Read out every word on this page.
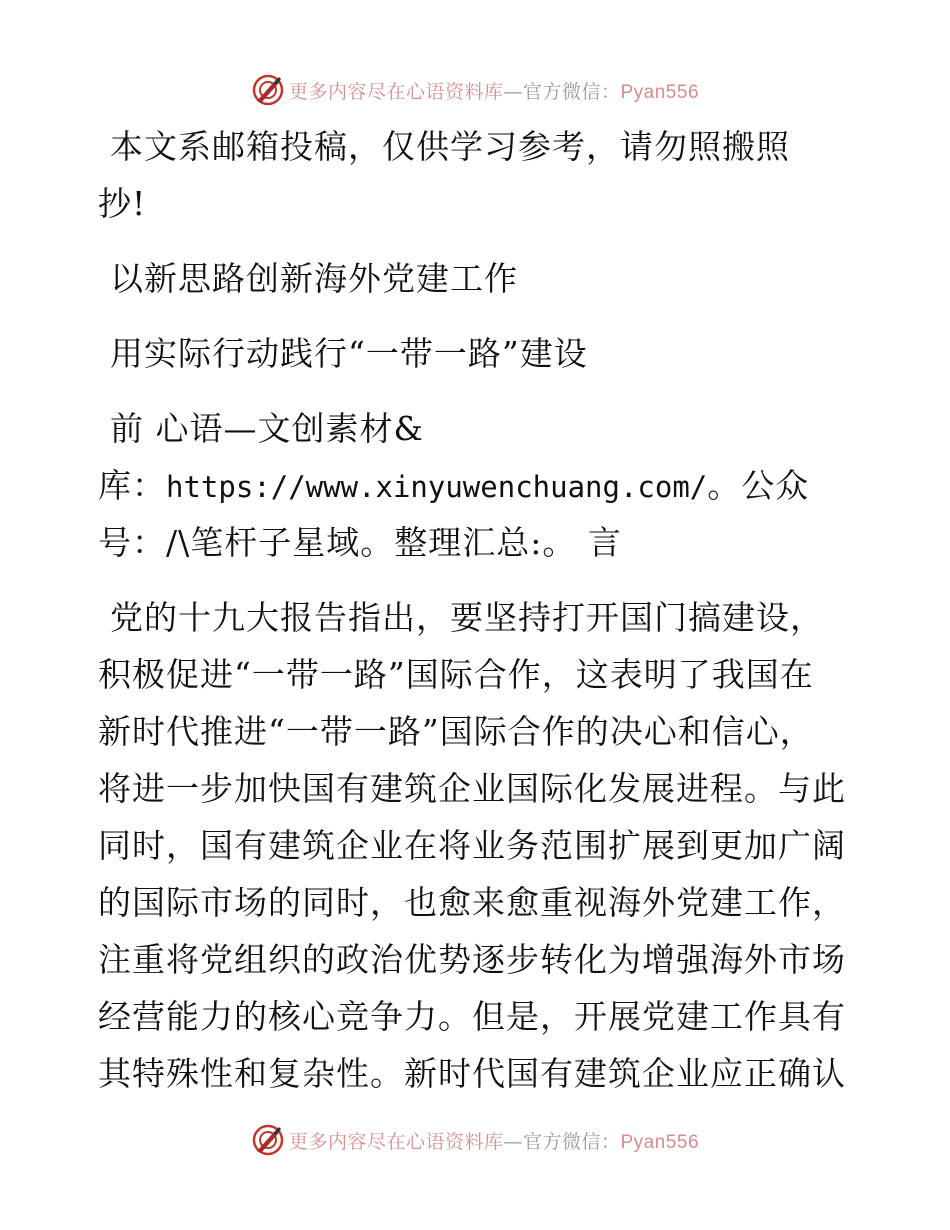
更多内容尽在心语资料库—官方微信：Pyan556
本文系邮箱投稿，仅供学习参考，请勿照搬照
抄!
以新思路创新海外党建工作
用实际行动践行“一带一路”建设
前 心语—文创素材&
库：https://www.xinyuwenchuang.com/。公众
号：/\笔杆子星域。整理汇总:。 言
党的十九大报告指出，要坚持打开国门搞建设，
积极促进“一带一路”国际合作，这表明了我国在
新时代推进“一带一路”国际合作的决心和信心，
将进一步加快国有建筑企业国际化发展进程。与此
同时，国有建筑企业在将业务范围扩展到更加广阔
的国际市场的同时，也愈来愈重视海外党建工作，
注重将党组织的政治优势逐步转化为增强海外市场
经营能力的核心竞争力。但是，开展党建工作具有
其特殊性和复杂性。新时代国有建筑企业应正确认
更多内容尽在心语资料库—官方微信：Pyan556
